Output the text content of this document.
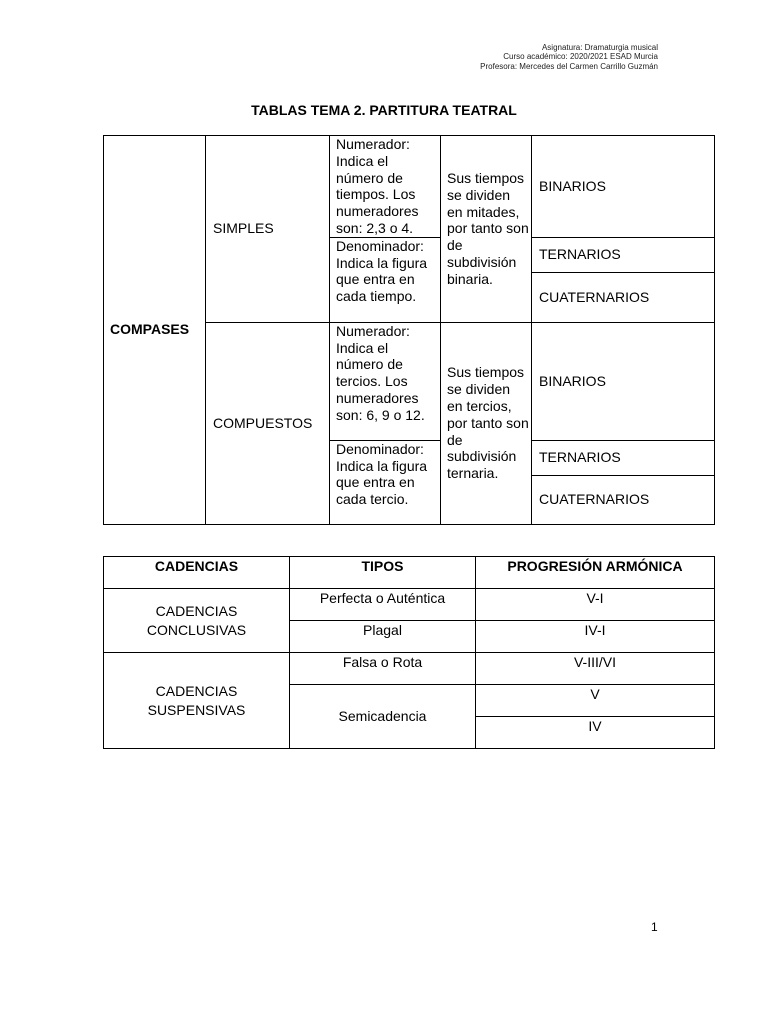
Asignatura: Dramaturgia musical
Curso académico: 2020/2021 ESAD Murcia
Profesora: Mercedes del Carmen Carrillo Guzmán
TABLAS TEMA 2. PARTITURA TEATRAL
COMPASES	SIMPLES	Numerador: Indica el número de tiempos. Los numeradores son: 2,3 o 4.	Sus tiempos se dividen en mitades, por tanto son de subdivisión binaria.	BINARIOS
		Denominador: Indica la figura que entra en cada tiempo.		TERNARIOS
				CUATERNARIOS
	COMPUESTOS	Numerador: Indica el número de tercios. Los numeradores son: 6, 9 o 12.	Sus tiempos se dividen en tercios, por tanto son de subdivisión ternaria.	BINARIOS
		Denominador: Indica la figura que entra en cada tercio.		TERNARIOS
				CUATERNARIOS
CADENCIAS	TIPOS	PROGRESIÓN ARMÓNICA
CADENCIAS CONCLUSIVAS	Perfecta o Auténtica	V-I
	Plagal	IV-I
CADENCIAS SUSPENSIVAS	Falsa o Rota	V-III/VI
	Semicadencia	V
		IV
1
